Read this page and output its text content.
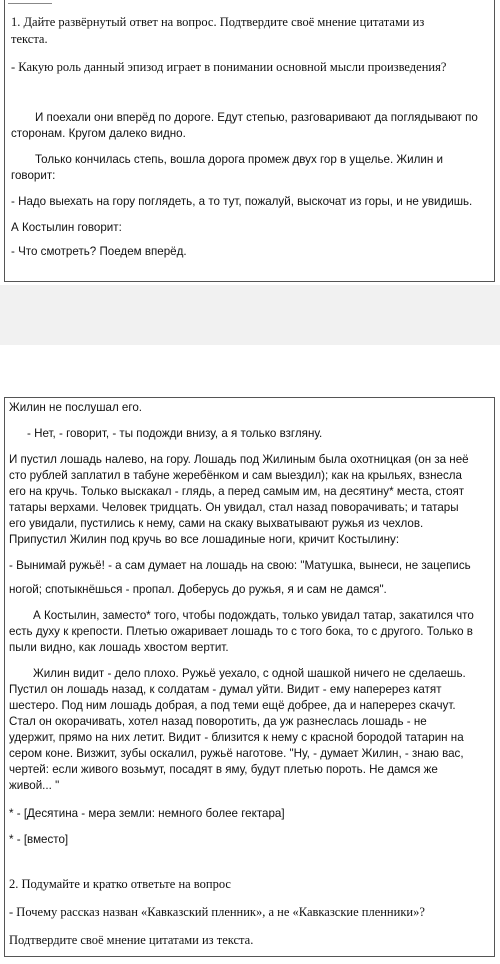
1. Дайте развёрнутый ответ на вопрос. Подтвердите своё мнение цитатами из
текста.
- Какую роль данный эпизод играет в понимании основной мысли произведения?
И поехали они вперёд по дороге. Едут степью, разговаривают да поглядывают по
сторонам. Кругом далеко видно.
Только кончилась степь, вошла дорога промеж двух гор в ущелье. Жилин и
говорит:
- Надо выехать на гору поглядеть, а то тут, пожалуй, выскочат из горы, и не увидишь.
А Костылин говорит:
- Что смотреть? Поедем вперёд.
Жилин не послушал его.
- Нет, - говорит, - ты подожди внизу, а я только взгляну.
И пустил лошадь налево, на гору. Лошадь под Жилиным была охотницкая (он за неё
сто рублей заплатил в табуне жеребёнком и сам выездил); как на крыльях, взнесла
его на кручь. Только выскакал - глядь, а перед самым им, на десятину* места, стоят
татары верхами. Человек тридцать. Он увидал, стал назад поворачивать; и татары
его увидали, пустились к нему, сами на скаку выхватывают ружья из чехлов.
Припустил Жилин под кручь во все лошадиные ноги, кричит Костылину:
- Вынимай ружьё! - а сам думает на лошадь на свою: "Матушка, вынеси, не зацепись
ногой; спотыкнёшься - пропал. Доберусь до ружья, я и сам не дамся".
А Костылин, заместо* того, чтобы подождать, только увидал татар, закатился что
есть духу к крепости. Плетью ожаривает лошадь то с того бока, то с другого. Только в
пыли видно, как лошадь хвостом вертит.
Жилин видит - дело плохо. Ружьё уехало, с одной шашкой ничего не сделаешь.
Пустил он лошадь назад, к солдатам - думал уйти. Видит - ему наперерез катят
шестеро. Под ним лошадь добрая, а под теми ещё добрее, да и наперерез скачут.
Стал он окорачивать, хотел назад поворотить, да уж разнеслась лошадь - не
удержит, прямо на них летит. Видит - близится к нему с красной бородой татарин на
сером коне. Визжит, зубы оскалил, ружьё наготове. "Ну, - думает Жилин, - знаю вас,
чертей: если живого возьмут, посадят в яму, будут плетью пороть. Не дамся же
живой... "
* - [Десятина - мера земли: немного более гектара]
* - [вместо]
2. Подумайте и кратко ответьте на вопрос
- Почему рассказ назван «Кавказский пленник», а не «Кавказские пленники»?
Подтвердите своё мнение цитатами из текста.
